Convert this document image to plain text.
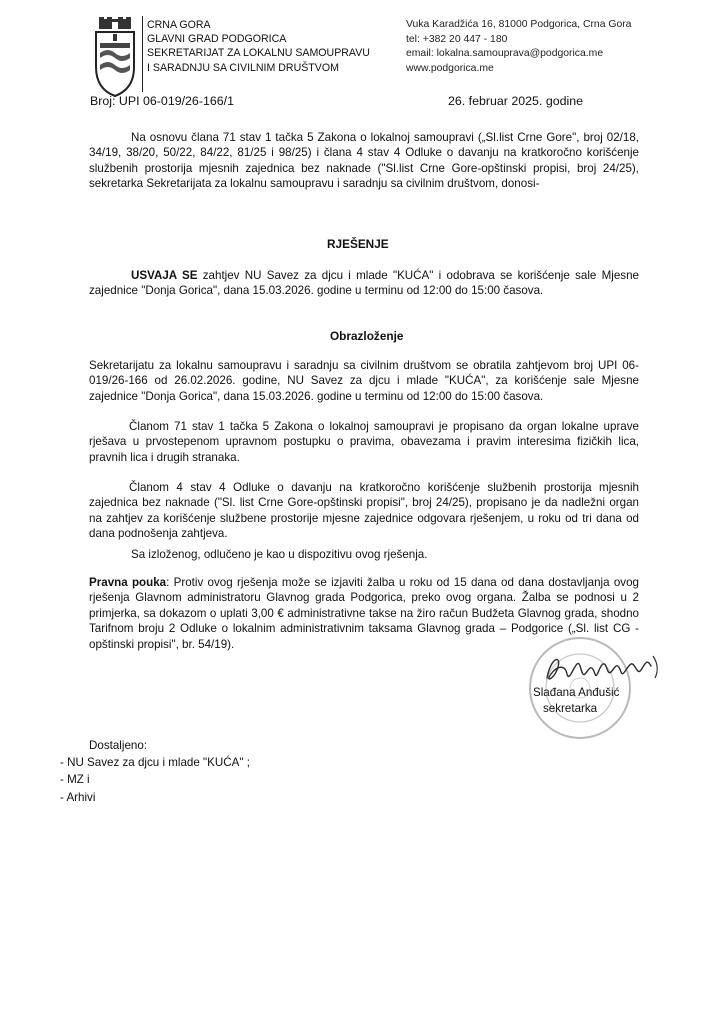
CRNA GORA
GLAVNI GRAD PODGORICA
SEKRETARIJAT ZA LOKALNU SAMOUPRAVU
I SARADNJU SA CIVILNIM DRUŠTVOM
Vuka Karadžića 16, 81000 Podgorica, Crna Gora
tel: +382 20 447 - 180
email: lokalna.samouprava@podgorica.me
www.podgorica.me
Broj: UPI 06-019/26-166/1	26. februar 2025. godine
Na osnovu člana 71 stav 1 tačka 5 Zakona o lokalnoj samoupravi („Sl.list Crne Gore", broj 02/18, 34/19, 38/20, 50/22, 84/22, 81/25 i 98/25) i člana 4 stav 4 Odluke o davanju na kratkoročno korišćenje službenih prostorija mjesnih zajednica bez naknade ("Sl.list Crne Gore-opštinski propisi, broj 24/25), sekretarka Sekretarijata za lokalnu samoupravu i saradnju sa civilnim društvom, donosi-
RJEŠENJE
USVAJA SE zahtjev NU Savez za djcu i mlade "KUĆA" i odobrava se korišćenje sale Mjesne zajednice "Donja Gorica", dana 15.03.2026. godine u terminu od 12:00 do 15:00 časova.
Obrazloženje
Sekretarijatu za lokalnu samoupravu i saradnju sa civilnim društvom se obratila zahtjevom broj UPI 06-019/26-166 od 26.02.2026. godine, NU Savez za djcu i mlade "KUĆA", za korišćenje sale Mjesne zajednice "Donja Gorica", dana 15.03.2026. godine u terminu od 12:00 do 15:00 časova.
Članom 71 stav 1 tačka 5 Zakona o lokalnoj samoupravi je propisano da organ lokalne uprave rješava u prvostepenom upravnom postupku o pravima, obavezama i pravim interesima fizičkih lica, pravnih lica i drugih stranaka.
Članom 4 stav 4 Odluke o davanju na kratkoročno korišćenje službenih prostorija mjesnih zajednica bez naknade ("Sl. list Crne Gore-opštinski propisi", broj 24/25), propisano je da nadležni organ na zahtjev za korišćenje službene prostorije mjesne zajednice odgovara rješenjem, u roku od tri dana od dana podnošenja zahtjeva.
Sa izloženog, odlučeno je kao u dispozitivu ovog rješenja.
Pravna pouka: Protiv ovog rješenja može se izjaviti žalba u roku od 15 dana od dana dostavljanja ovog rješenja Glavnom administratoru Glavnog grada Podgorica, preko ovog organa. Žalba se podnosi u 2 primjerka, sa dokazom o uplati 3,00 € administrativne takse na žiro račun Budžeta Glavnog grada, shodno Tarifnom broju 2 Odluke o lokalnim administrativnim taksama Glavnog grada – Podgorice („Sl. list CG - opštinski propisi", br. 54/19).
Slađana Anđušić
sekretarka
Dostaljeno:
- NU Savez za djcu i mlade "KUĆA" ;
- MZ i
- Arhivi
